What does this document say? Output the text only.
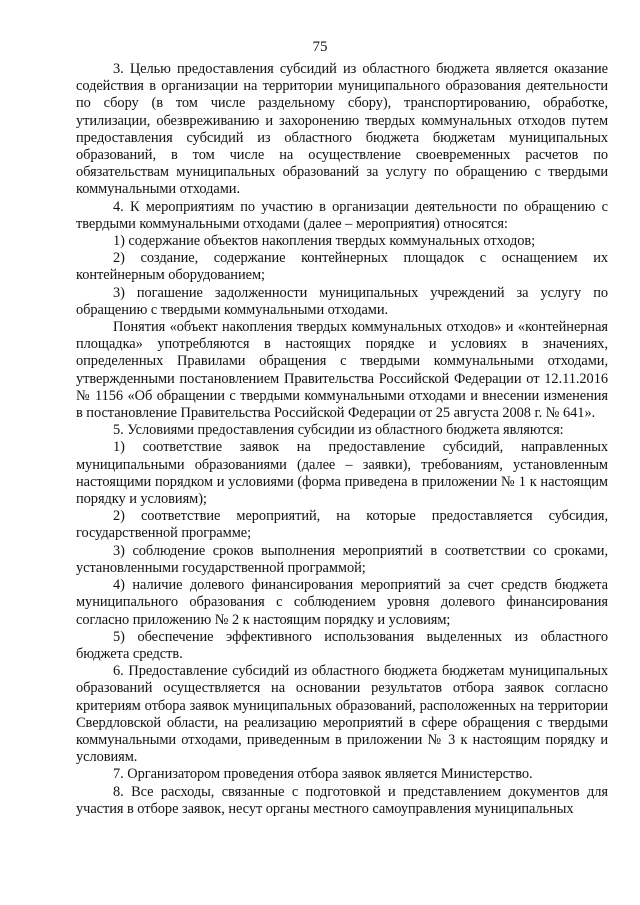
75

3. Целью предоставления субсидий из областного бюджета является оказание содействия в организации на территории муниципального образования деятельности по сбору (в том числе раздельному сбору), транспортированию, обработке, утилизации, обезвреживанию и захоронению твердых коммунальных отходов путем предоставления субсидий из областного бюджета бюджетам муниципальных образований, в том числе на осуществление своевременных расчетов по обязательствам муниципальных образований за услугу по обращению с твердыми коммунальными отходами.

4. К мероприятиям по участию в организации деятельности по обращению с твердыми коммунальными отходами (далее – мероприятия) относятся:

1) содержание объектов накопления твердых коммунальных отходов;

2) создание, содержание контейнерных площадок с оснащением их контейнерным оборудованием;

3) погашение задолженности муниципальных учреждений за услугу по обращению с твердыми коммунальными отходами.

Понятия «объект накопления твердых коммунальных отходов» и «контейнерная площадка» употребляются в настоящих порядке и условиях в значениях, определенных Правилами обращения с твердыми коммунальными отходами, утвержденными постановлением Правительства Российской Федерации от 12.11.2016 № 1156 «Об обращении с твердыми коммунальными отходами и внесении изменения в постановление Правительства Российской Федерации от 25 августа 2008 г. № 641».

5. Условиями предоставления субсидии из областного бюджета являются:

1) соответствие заявок на предоставление субсидий, направленных муниципальными образованиями (далее – заявки), требованиям, установленным настоящими порядком и условиями (форма приведена в приложении № 1 к настоящим порядку и условиям);

2) соответствие мероприятий, на которые предоставляется субсидия, государственной программе;

3) соблюдение сроков выполнения мероприятий в соответствии со сроками, установленными государственной программой;

4) наличие долевого финансирования мероприятий за счет средств бюджета муниципального образования с соблюдением уровня долевого финансирования согласно приложению № 2 к настоящим порядку и условиям;

5) обеспечение эффективного использования выделенных из областного бюджета средств.

6. Предоставление субсидий из областного бюджета бюджетам муниципальных образований осуществляется на основании результатов отбора заявок согласно критериям отбора заявок муниципальных образований, расположенных на территории Свердловской области, на реализацию мероприятий в сфере обращения с твердыми коммунальными отходами, приведенным в приложении № 3 к настоящим порядку и условиям.

7. Организатором проведения отбора заявок является Министерство.

8. Все расходы, связанные с подготовкой и представлением документов для участия в отборе заявок, несут органы местного самоуправления муниципальных
